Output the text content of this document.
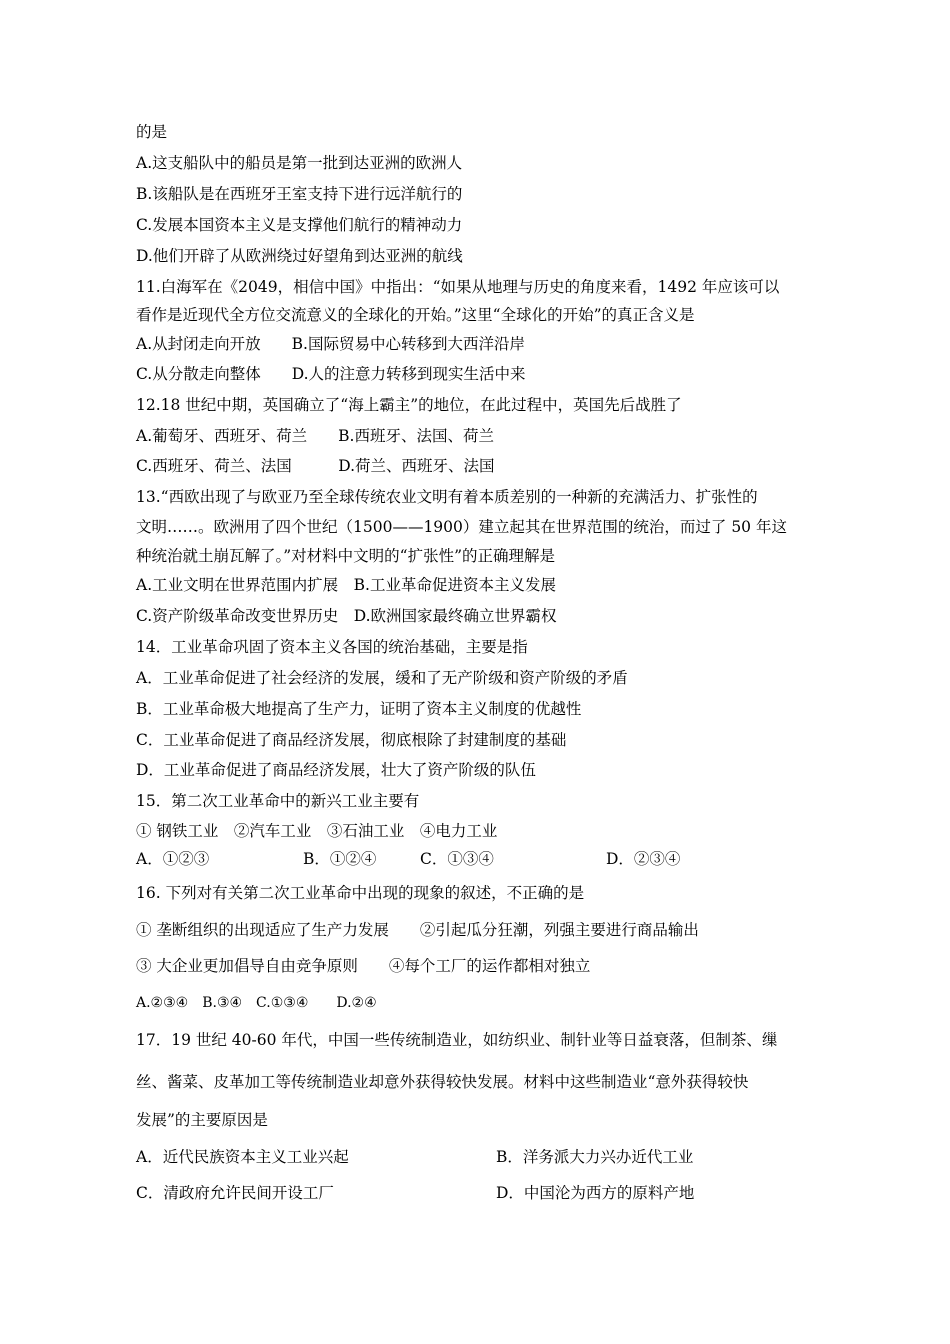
的是
A.这支船队中的船员是第一批到达亚洲的欧洲人
B.该船队是在西班牙王室支持下进行远洋航行的
C.发展本国资本主义是支撑他们航行的精神动力
D.他们开辟了从欧洲绕过好望角到达亚洲的航线
11.白海军在《2049，相信中国》中指出：“如果从地理与历史的角度来看，1492 年应该可以
看作是近现代全方位交流意义的全球化的开始。”这里“全球化的开始”的真正含义是
A.从封闭走向开放　　B.国际贸易中心转移到大西洋沿岸
C.从分散走向整体　　D.人的注意力转移到现实生活中来
12.18 世纪中期，英国确立了“海上霸主”的地位，在此过程中，英国先后战胜了
A.葡萄牙、西班牙、荷兰　　B.西班牙、法国、荷兰
C.西班牙、荷兰、法国　　　D.荷兰、西班牙、法国
13.“西欧出现了与欧亚乃至全球传统农业文明有着本质差别的一种新的充满活力、扩张性的
文明……。欧洲用了四个世纪（1500——1900）建立起其在世界范围的统治，而过了 50 年这
种统治就土崩瓦解了。”对材料中文明的“扩张性”的正确理解是
A.工业文明在世界范围内扩展　B.工业革命促进资本主义发展
C.资产阶级革命改变世界历史　D.欧洲国家最终确立世界霸权
14．工业革命巩固了资本主义各国的统治基础，主要是指
A．工业革命促进了社会经济的发展，缓和了无产阶级和资产阶级的矛盾
B．工业革命极大地提高了生产力，证明了资本主义制度的优越性
C．工业革命促进了商品经济发展，彻底根除了封建制度的基础
D．工业革命促进了商品经济发展，壮大了资产阶级的队伍
15．第二次工业革命中的新兴工业主要有
① 钢铁工业　②汽车工业　③石油工业　④电力工业
A．①②③	B．①②④	C．①③④	D．②③④
16. 下列对有关第二次工业革命中出现的现象的叙述，不正确的是
① 垄断组织的出现适应了生产力发展　　②引起瓜分狂潮，列强主要进行商品输出
③ 大企业更加倡导自由竞争原则　　④每个工厂的运作都相对独立
A.②③④　B.③④　C.①③④　　D.②④
17．19 世纪 40-60 年代，中国一些传统制造业，如纺织业、制针业等日益衰落，但制茶、缫
丝、酱菜、皮革加工等传统制造业却意外获得较快发展。材料中这些制造业“意外获得较快
发展”的主要原因是
A．近代民族资本主义工业兴起	B．洋务派大力兴办近代工业
C．清政府允许民间开设工厂	D．中国沦为西方的原料产地
